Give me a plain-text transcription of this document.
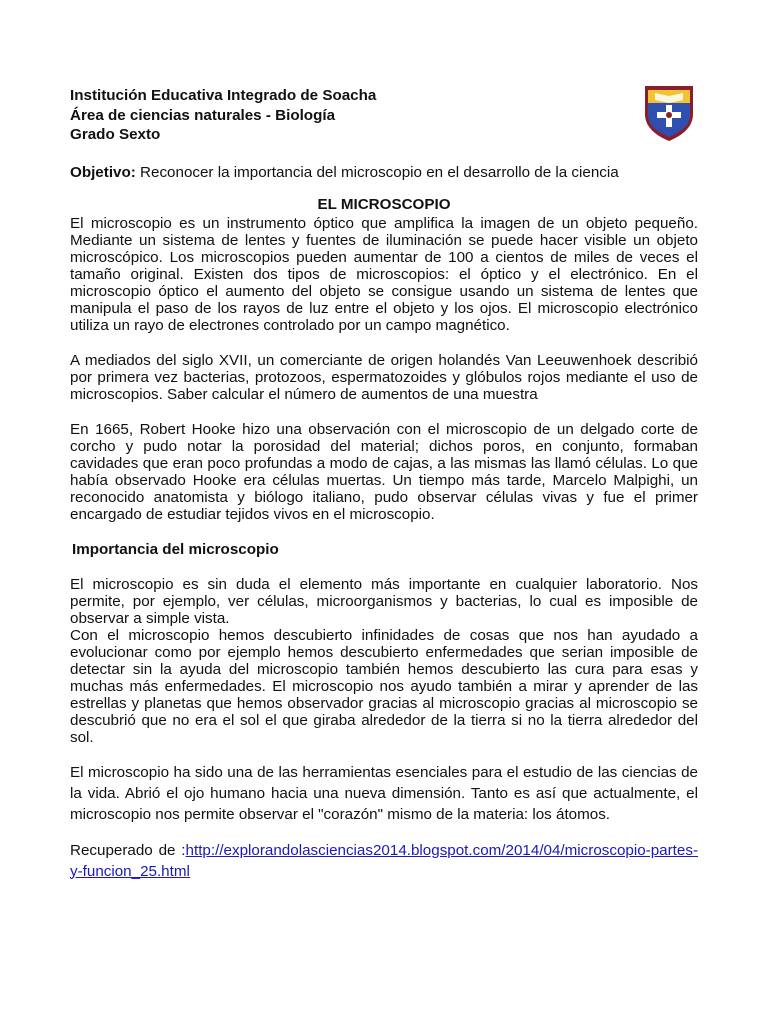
Institución Educativa Integrado de Soacha

Área de ciencias naturales - Biología

Grado Sexto

Objetivo: Reconocer la importancia del microscopio en el desarrollo de la ciencia

EL MICROSCOPIO

El microscopio es un instrumento óptico que amplifica la imagen de un objeto pequeño. Mediante un sistema de lentes y fuentes de iluminación se puede hacer visible un objeto microscópico. Los microscopios pueden aumentar de 100 a cientos de miles de veces el tamaño original. Existen dos tipos de microscopios: el óptico y el electrónico. En el microscopio óptico el aumento del objeto se consigue usando un sistema de lentes que manipula el paso de los rayos de luz entre el objeto y los ojos. El microscopio electrónico utiliza un rayo de electrones controlado por un campo magnético.

A mediados del siglo XVII, un comerciante de origen holandés Van Leeuwenhoek describió por primera vez bacterias, protozoos, espermatozoides y glóbulos rojos mediante el uso de microscopios. Saber calcular el número de aumentos de una muestra

En 1665, Robert Hooke hizo una observación con el microscopio de un delgado corte de corcho y pudo notar la porosidad del material; dichos poros, en conjunto, formaban cavidades que eran poco profundas a modo de cajas, a las mismas las llamó células. Lo que había observado Hooke era células muertas. Un tiempo más tarde, Marcelo Malpighi, un reconocido anatomista y biólogo italiano, pudo observar células vivas y fue el primer encargado de estudiar tejidos vivos en el microscopio.

Importancia del microscopio

El microscopio es sin duda el elemento más importante en cualquier laboratorio. Nos permite, por ejemplo, ver células, microorganismos y bacterias, lo cual es imposible de observar a simple vista.

Con el microscopio hemos descubierto infinidades de cosas que nos han ayudado a evolucionar como por ejemplo hemos descubierto enfermedades que serian imposible de detectar sin la ayuda del microscopio también hemos descubierto las cura para esas y muchas más enfermedades. El microscopio nos ayudo también a mirar y aprender de las estrellas y planetas que hemos observador gracias al microscopio gracias al microscopio se descubrió que no era el sol el que giraba alrededor de la tierra si no la tierra alrededor del sol.

El microscopio ha sido una de las herramientas esenciales para el estudio de las ciencias de la vida. Abrió el ojo humano hacia una nueva dimensión. Tanto es así que actualmente, el microscopio nos permite observar el "corazón" mismo de la materia: los átomos.

Recuperado de :http://explorandolasciencias2014.blogspot.com/2014/04/microscopio-partes-y-funcion_25.html
